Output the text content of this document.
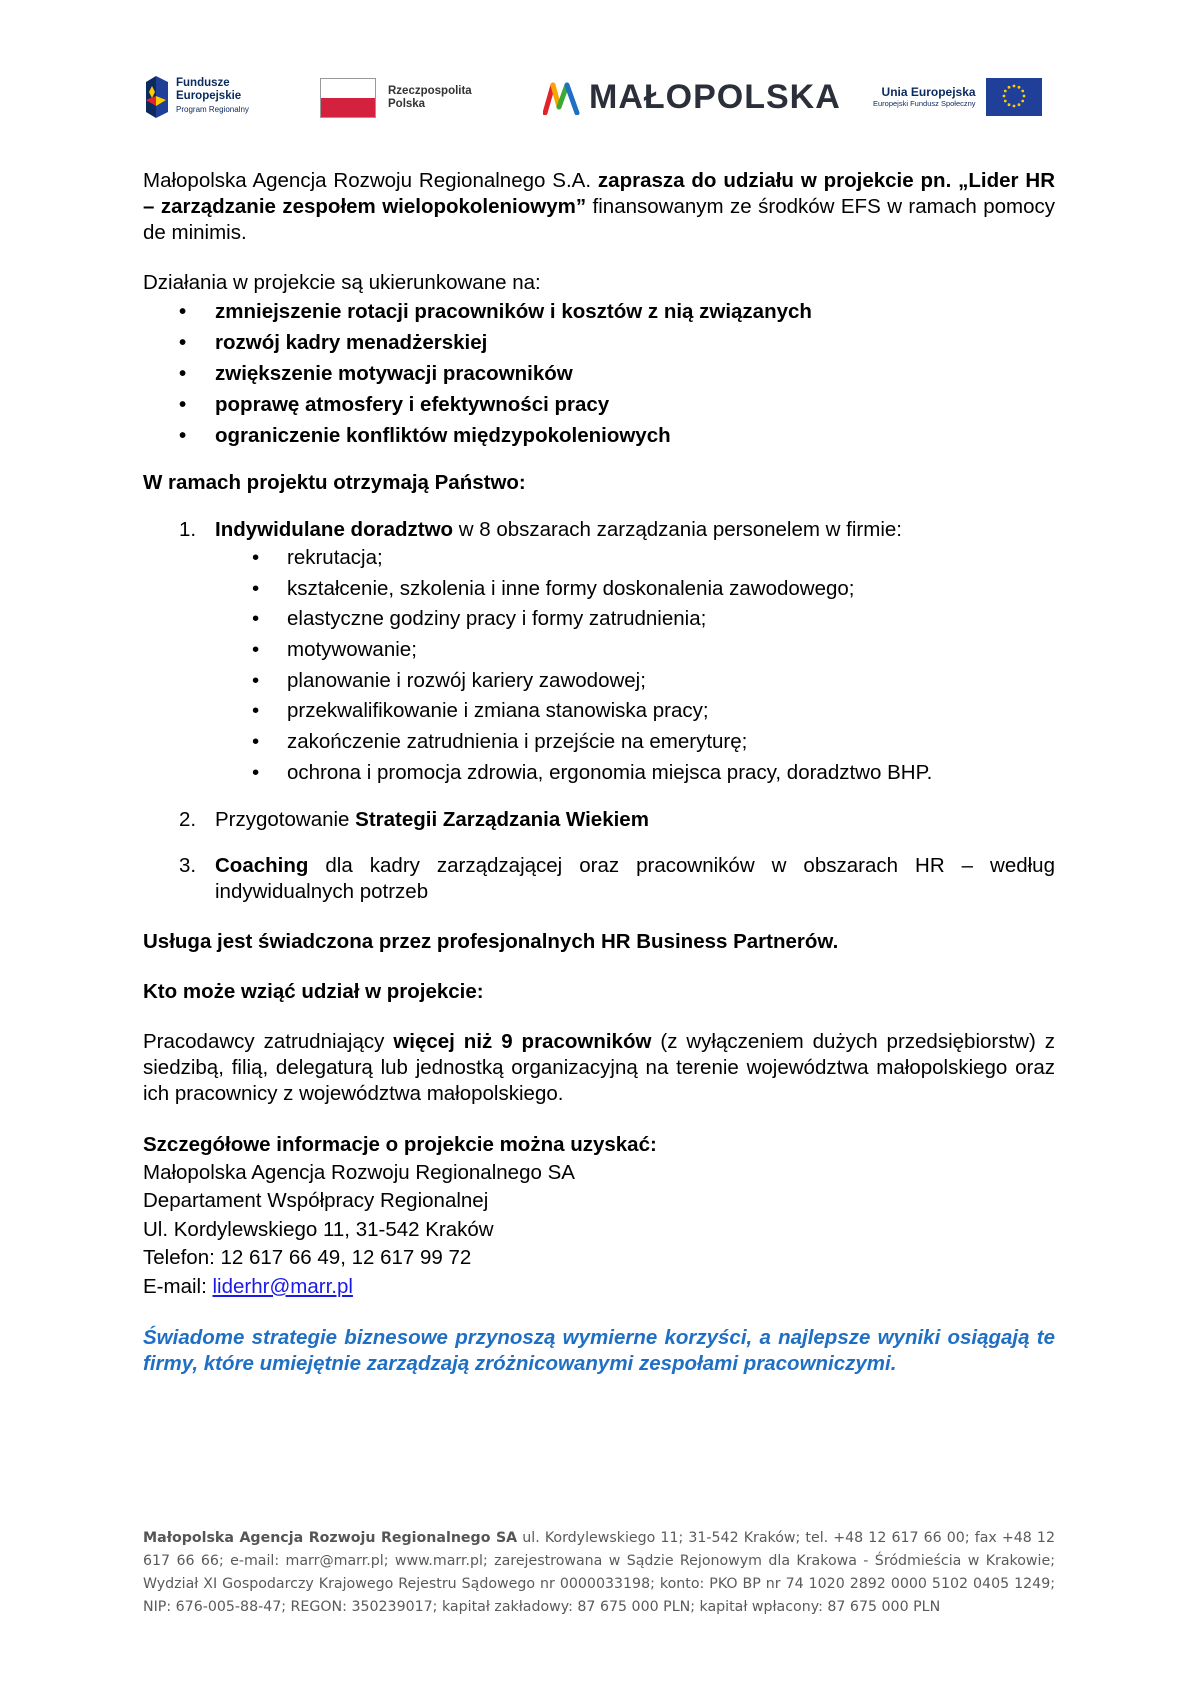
Fundusze
Europejskie
Program Regionalny
Rzeczpospolita
Polska	MAŁOPOLSKA	Unia Europejska
Europejski Fundusz Społeczny

Małopolska Agencja Rozwoju Regionalnego S.A. zaprasza do udziału w projekcie pn. „Lider HR – zarządzanie zespołem wielopokoleniowym” finansowanym ze środków EFS w ramach pomocy de minimis.

Działania w projekcie są ukierunkowane na:

• zmniejszenie rotacji pracowników i kosztów z nią związanych
• rozwój kadry menadżerskiej
• zwiększenie motywacji pracowników
• poprawę atmosfery i efektywności pracy
• ograniczenie konfliktów międzypokoleniowych

W ramach projektu otrzymają Państwo:

1. Indywidulane doradztwo w 8 obszarach zarządzania personelem w firmie:
• rekrutacja;
• kształcenie, szkolenia i inne formy doskonalenia zawodowego;
• elastyczne godziny pracy i formy zatrudnienia;
• motywowanie;
• planowanie i rozwój kariery zawodowej;
• przekwalifikowanie i zmiana stanowiska pracy;
• zakończenie zatrudnienia i przejście na emeryturę;
• ochrona i promocja zdrowia, ergonomia miejsca pracy, doradztwo BHP.
2. Przygotowanie Strategii Zarządzania Wiekiem
3. Coaching dla kadry zarządzającej oraz pracowników w obszarach HR – według indywidualnych potrzeb

Usługa jest świadczona przez profesjonalnych HR Business Partnerów.

Kto może wziąć udział w projekcie:

Pracodawcy zatrudniający więcej niż 9 pracowników (z wyłączeniem dużych przedsiębiorstw) z siedzibą, filią, delegaturą lub jednostką organizacyjną na terenie województwa małopolskiego oraz ich pracownicy z województwa małopolskiego.

Szczegółowe informacje o projekcie można uzyskać:

Małopolska Agencja Rozwoju Regionalnego SA

Departament Współpracy Regionalnej

Ul. Kordylewskiego 11, 31-542 Kraków

Telefon: 12 617 66 49, 12 617 99 72

E-mail: liderhr@marr.pl

Świadome strategie biznesowe przynoszą wymierne korzyści, a najlepsze wyniki osiągają te firmy, które umiejętnie zarządzają zróżnicowanymi zespołami pracowniczymi.

Małopolska Agencja Rozwoju Regionalnego SA ul. Kordylewskiego 11; 31-542 Kraków; tel. +48 12 617 66 00; fax +48 12 617 66 66; e-mail: marr@marr.pl; www.marr.pl; zarejestrowana w Sądzie Rejonowym dla Krakowa - Śródmieścia w Krakowie; Wydział XI Gospodarczy Krajowego Rejestru Sądowego nr 0000033198; konto: PKO BP nr 74 1020 2892 0000 5102 0405 1249; NIP: 676-005-88-47; REGON: 350239017; kapitał zakładowy: 87 675 000 PLN; kapitał wpłacony: 87 675 000 PLN
